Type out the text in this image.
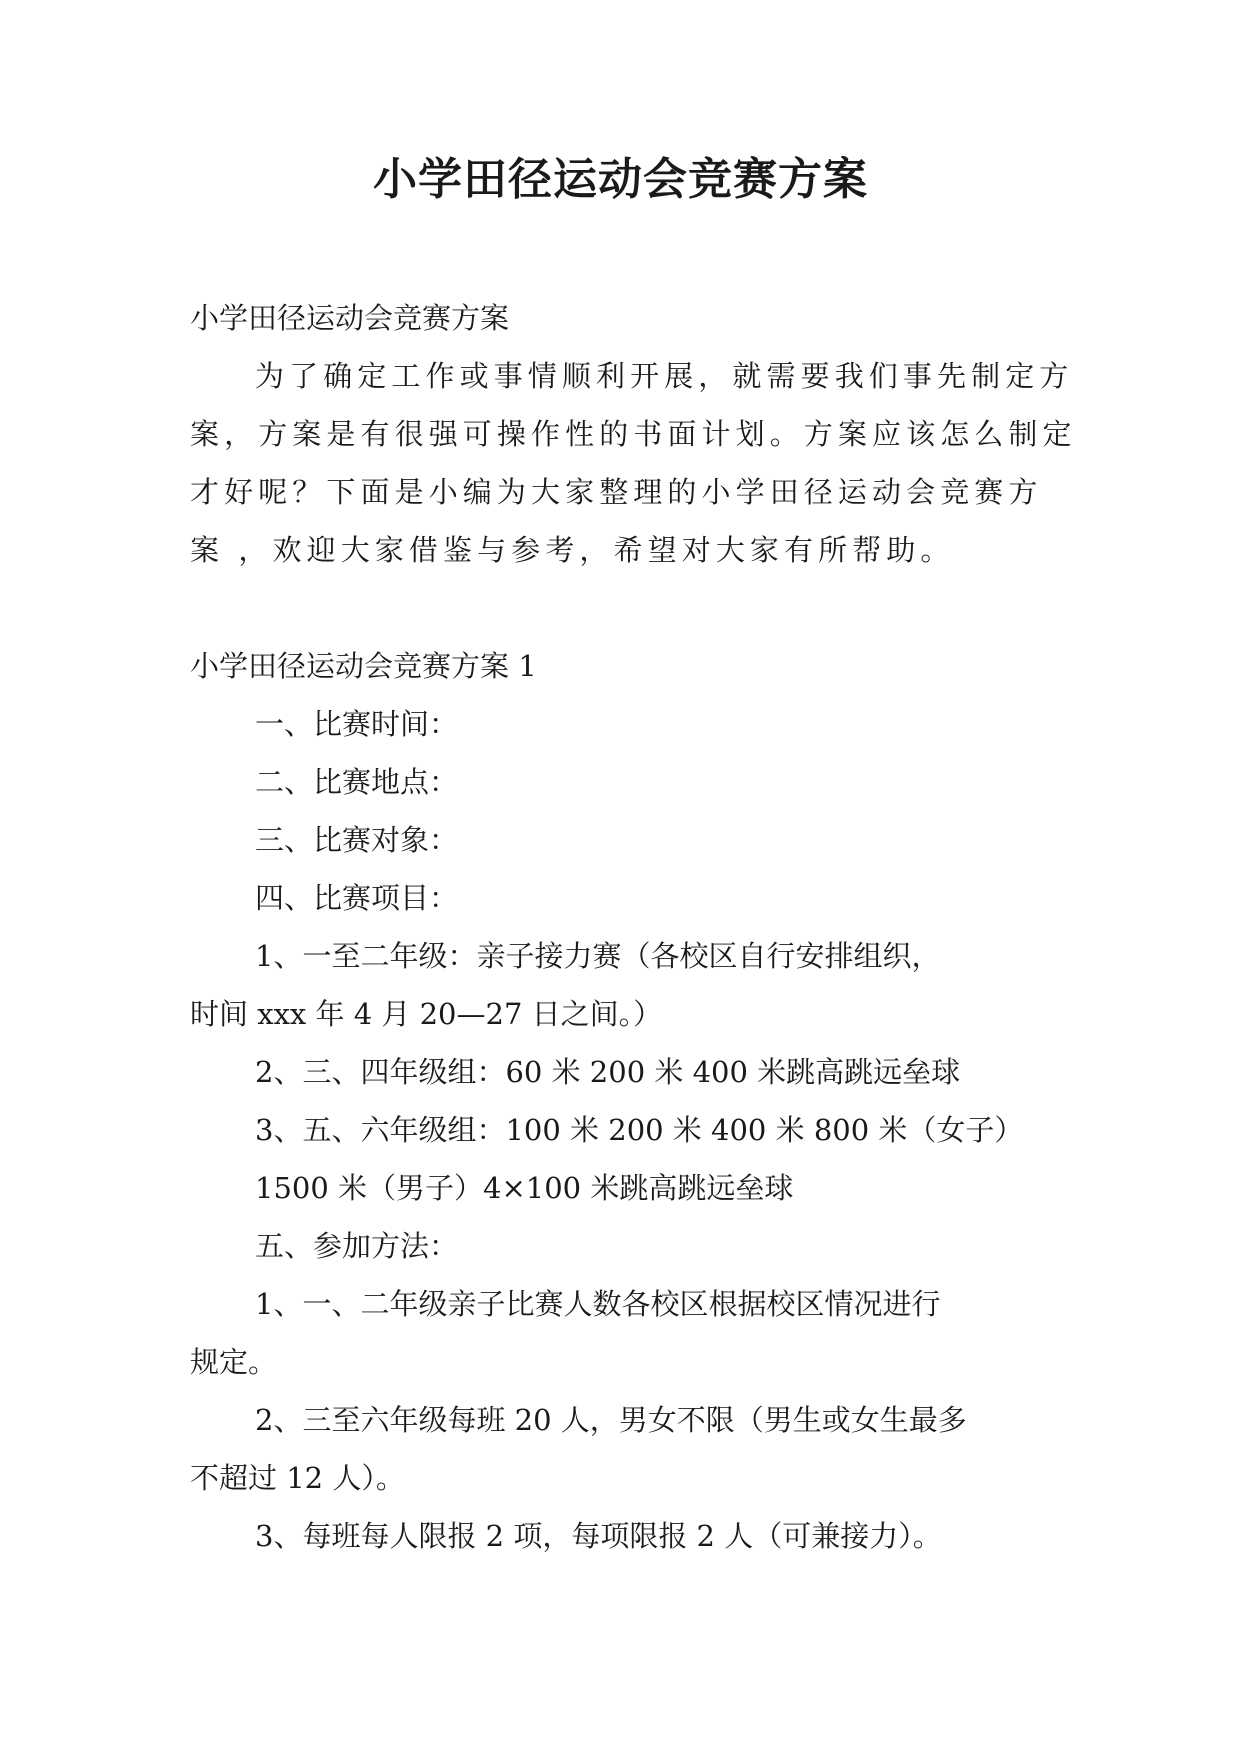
小学田径运动会竞赛方案

小学田径运动会竞赛方案

为了确定工作或事情顺利开展，就需要我们事先制定方

案，方案是有很强可操作性的书面计划。方案应该怎么制定

才好呢？下面是小编为大家整理的小学田径运动会竞赛方

案 ，欢迎大家借鉴与参考，希望对大家有所帮助。

小学田径运动会竞赛方案 1

一、比赛时间：

二、比赛地点：

三、比赛对象：

四、比赛项目：

1、一至二年级：亲子接力赛（各校区自行安排组织，

时间 xxx 年 4 月 20—27 日之间。）

2、三、四年级组：60 米 200 米 400 米跳高跳远垒球

3、五、六年级组：100 米 200 米 400 米 800 米（女子）

1500 米（男子）4×100 米跳高跳远垒球

五、参加方法：

1、一、二年级亲子比赛人数各校区根据校区情况进行

规定。

2、三至六年级每班 20 人，男女不限（男生或女生最多

不超过 12 人）。

3、每班每人限报 2 项，每项限报 2 人（可兼接力）。
